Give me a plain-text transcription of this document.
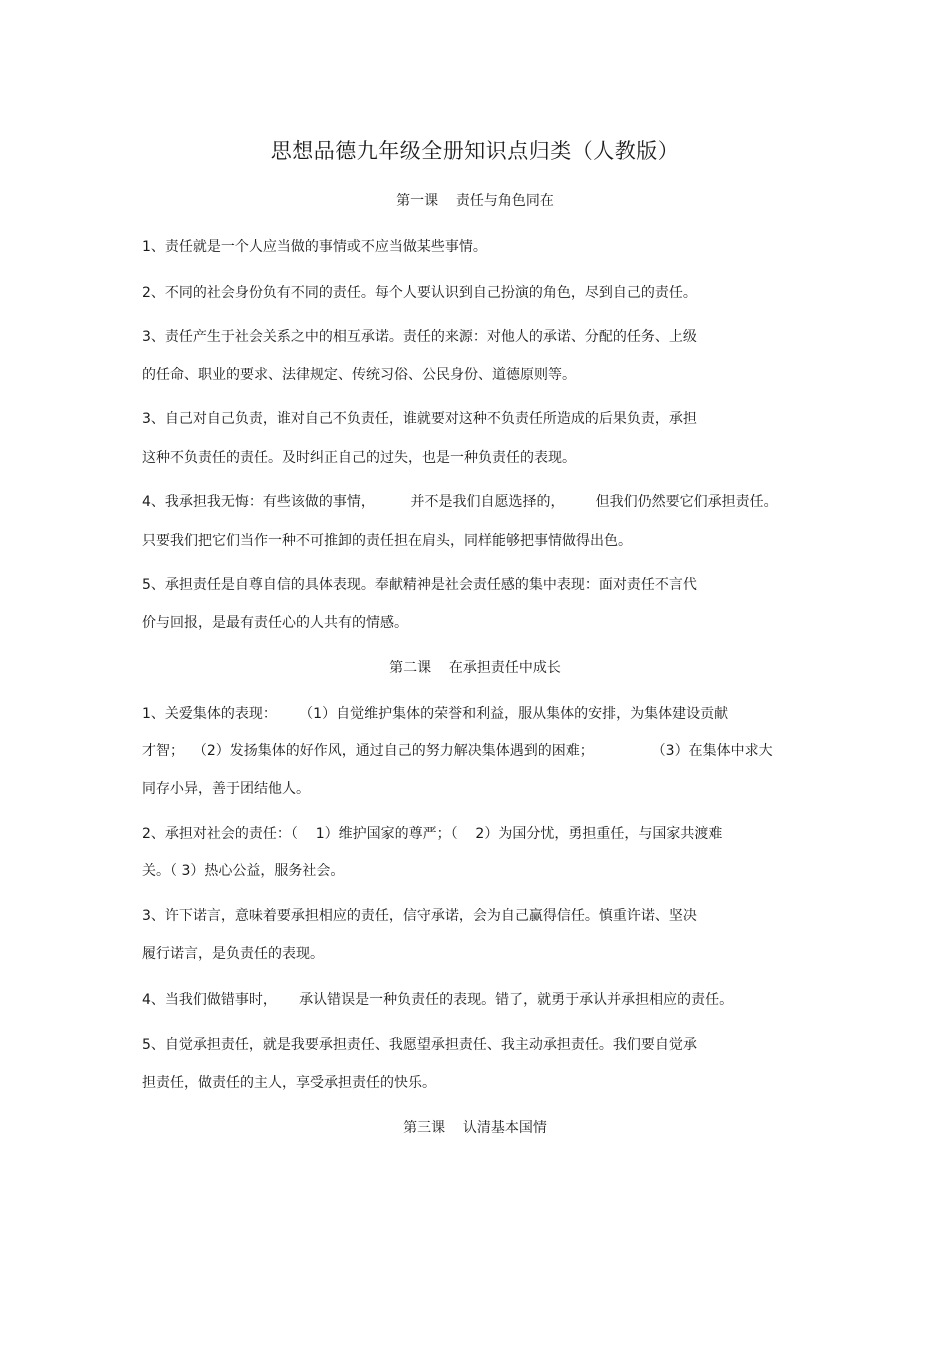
思想品德九年级全册知识点归类（人教版）
第一课    责任与角色同在
1、责任就是一个人应当做的事情或不应当做某些事情。
2、不同的社会身份负有不同的责任。每个人要认识到自己扮演的角色，尽到自己的责任。
3、责任产生于社会关系之中的相互承诺。责任的来源：对他人的承诺、分配的任务、上级
的任命、职业的要求、法律规定、传统习俗、公民身份、道德原则等。
3、自己对自己负责，谁对自己不负责任，谁就要对这种不负责任所造成的后果负责，承担
这种不负责任的责任。及时纠正自己的过失，也是一种负责任的表现。
4、我承担我无悔：有些该做的事情，        并不是我们自愿选择的，       但我们仍然要它们承担责任。
只要我们把它们当作一种不可推卸的责任担在肩头，同样能够把事情做得出色。
5、承担责任是自尊自信的具体表现。奉献精神是社会责任感的集中表现：面对责任不言代
价与回报，是最有责任心的人共有的情感。
第二课    在承担责任中成长
1、关爱集体的表现：     （1）自觉维护集体的荣誉和利益，服从集体的安排，为集体建设贡献
才智；  （2）发扬集体的好作风，通过自己的努力解决集体遇到的困难；             （3）在集体中求大
同存小异，善于团结他人。
2、承担对社会的责任：（    1）维护国家的尊严；（    2）为国分忧，勇担重任，与国家共渡难
关。（ 3）热心公益，服务社会。
3、许下诺言，意味着要承担相应的责任，信守承诺，会为自己赢得信任。慎重许诺、坚决
履行诺言，是负责任的表现。
4、当我们做错事时，     承认错误是一种负责任的表现。错了，就勇于承认并承担相应的责任。
5、自觉承担责任，就是我要承担责任、我愿望承担责任、我主动承担责任。我们要自觉承
担责任，做责任的主人，享受承担责任的快乐。
第三课    认清基本国情
